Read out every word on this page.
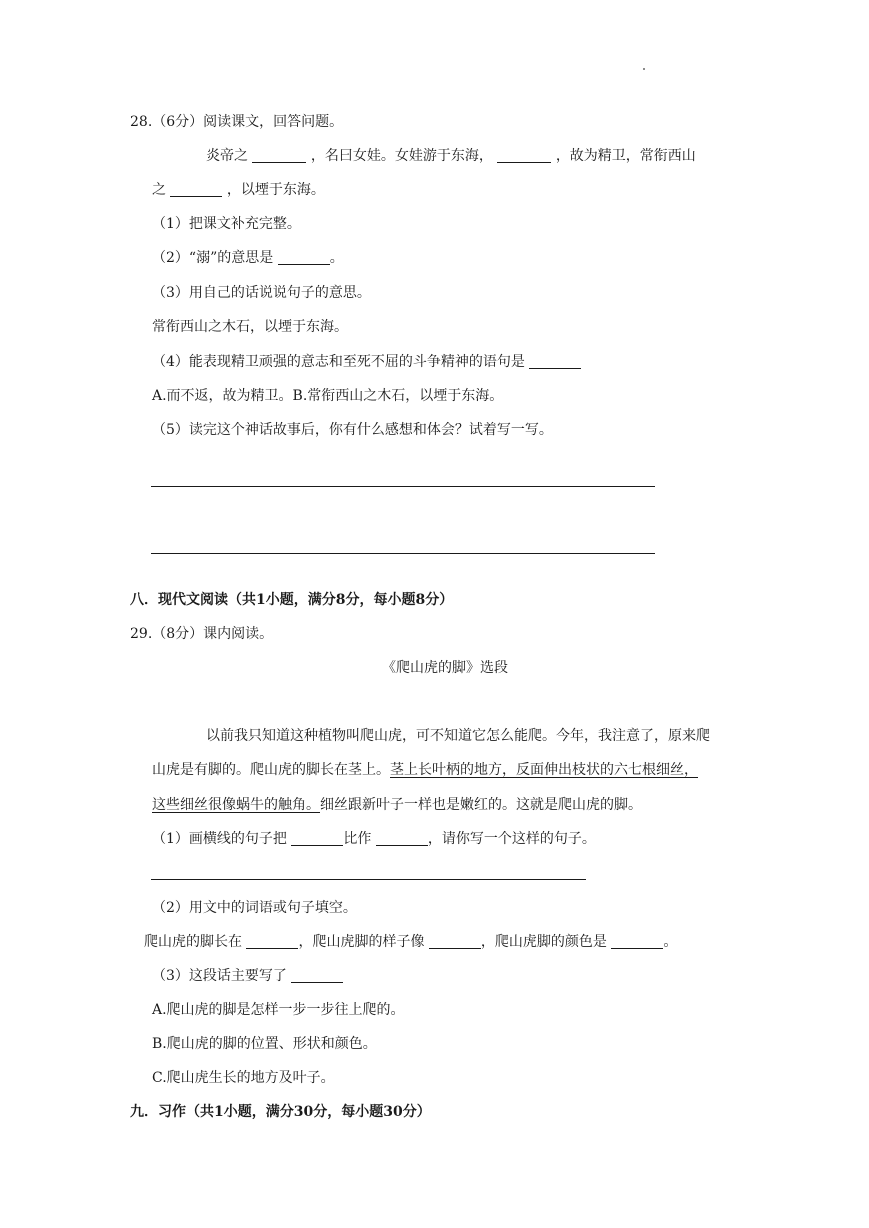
28.（6分）阅读课文，回答问题。
炎帝之	，名曰女娃。女娃游于东海，	，故为精卫，常衔西山
之	，以堙于东海。
（1）把课文补充完整。
（2）“溺”的意思是	。
（3）用自己的话说说句子的意思。
常衔西山之木石，以堙于东海。
（4）能表现精卫顽强的意志和至死不屈的斗争精神的语句是
A.而不返，故为精卫。B.常衔西山之木石，以堙于东海。
（5）读完这个神话故事后，你有什么感想和体会？试着写一写。
八．现代文阅读（共1小题，满分8分，每小题8分）
29.（8分）课内阅读。
《爬山虎的脚》选段
以前我只知道这种植物叫爬山虎，可不知道它怎么能爬。今年，我注意了，原来爬
山虎是有脚的。爬山虎的脚长在茎上。茎上长叶柄的地方，反面伸出枝状的六七根细丝，
这些细丝很像蜗牛的触角。细丝跟新叶子一样也是嫩红的。这就是爬山虎的脚。
（1）画横线的句子把	比作	，请你写一个这样的句子。
（2）用文中的词语或句子填空。
爬山虎的脚长在	，爬山虎脚的样子像	，爬山虎脚的颜色是	。
（3）这段话主要写了
A.爬山虎的脚是怎样一步一步往上爬的。
B.爬山虎的脚的位置、形状和颜色。
C.爬山虎生长的地方及叶子。
九．习作（共1小题，满分30分，每小题30分）
